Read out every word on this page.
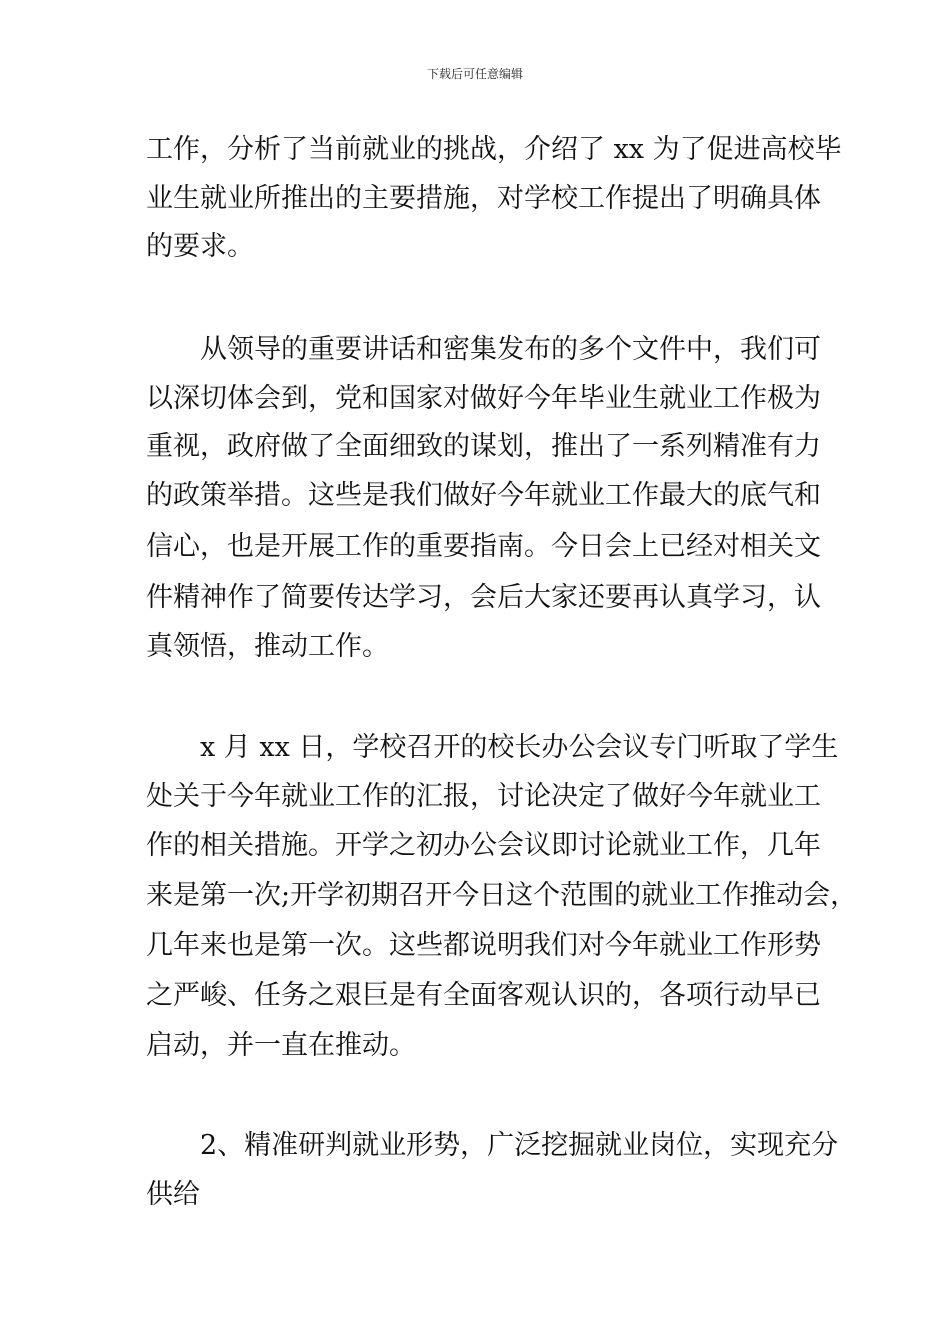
下载后可任意编辑
工作，分析了当前就业的挑战，介绍了 xx 为了促进高校毕
业生就业所推出的主要措施，对学校工作提出了明确具体
的要求。
　　从领导的重要讲话和密集发布的多个文件中，我们可
以深切体会到，党和国家对做好今年毕业生就业工作极为
重视，政府做了全面细致的谋划，推出了一系列精准有力
的政策举措。这些是我们做好今年就业工作最大的底气和
信心，也是开展工作的重要指南。今日会上已经对相关文
件精神作了简要传达学习，会后大家还要再认真学习，认
真领悟，推动工作。
　　x 月 xx 日，学校召开的校长办公会议专门听取了学生
处关于今年就业工作的汇报，讨论决定了做好今年就业工
作的相关措施。开学之初办公会议即讨论就业工作，几年
来是第一次;开学初期召开今日这个范围的就业工作推动会，
几年来也是第一次。这些都说明我们对今年就业工作形势
之严峻、任务之艰巨是有全面客观认识的，各项行动早已
启动，并一直在推动。
　　2、精准研判就业形势，广泛挖掘就业岗位，实现充分
供给
